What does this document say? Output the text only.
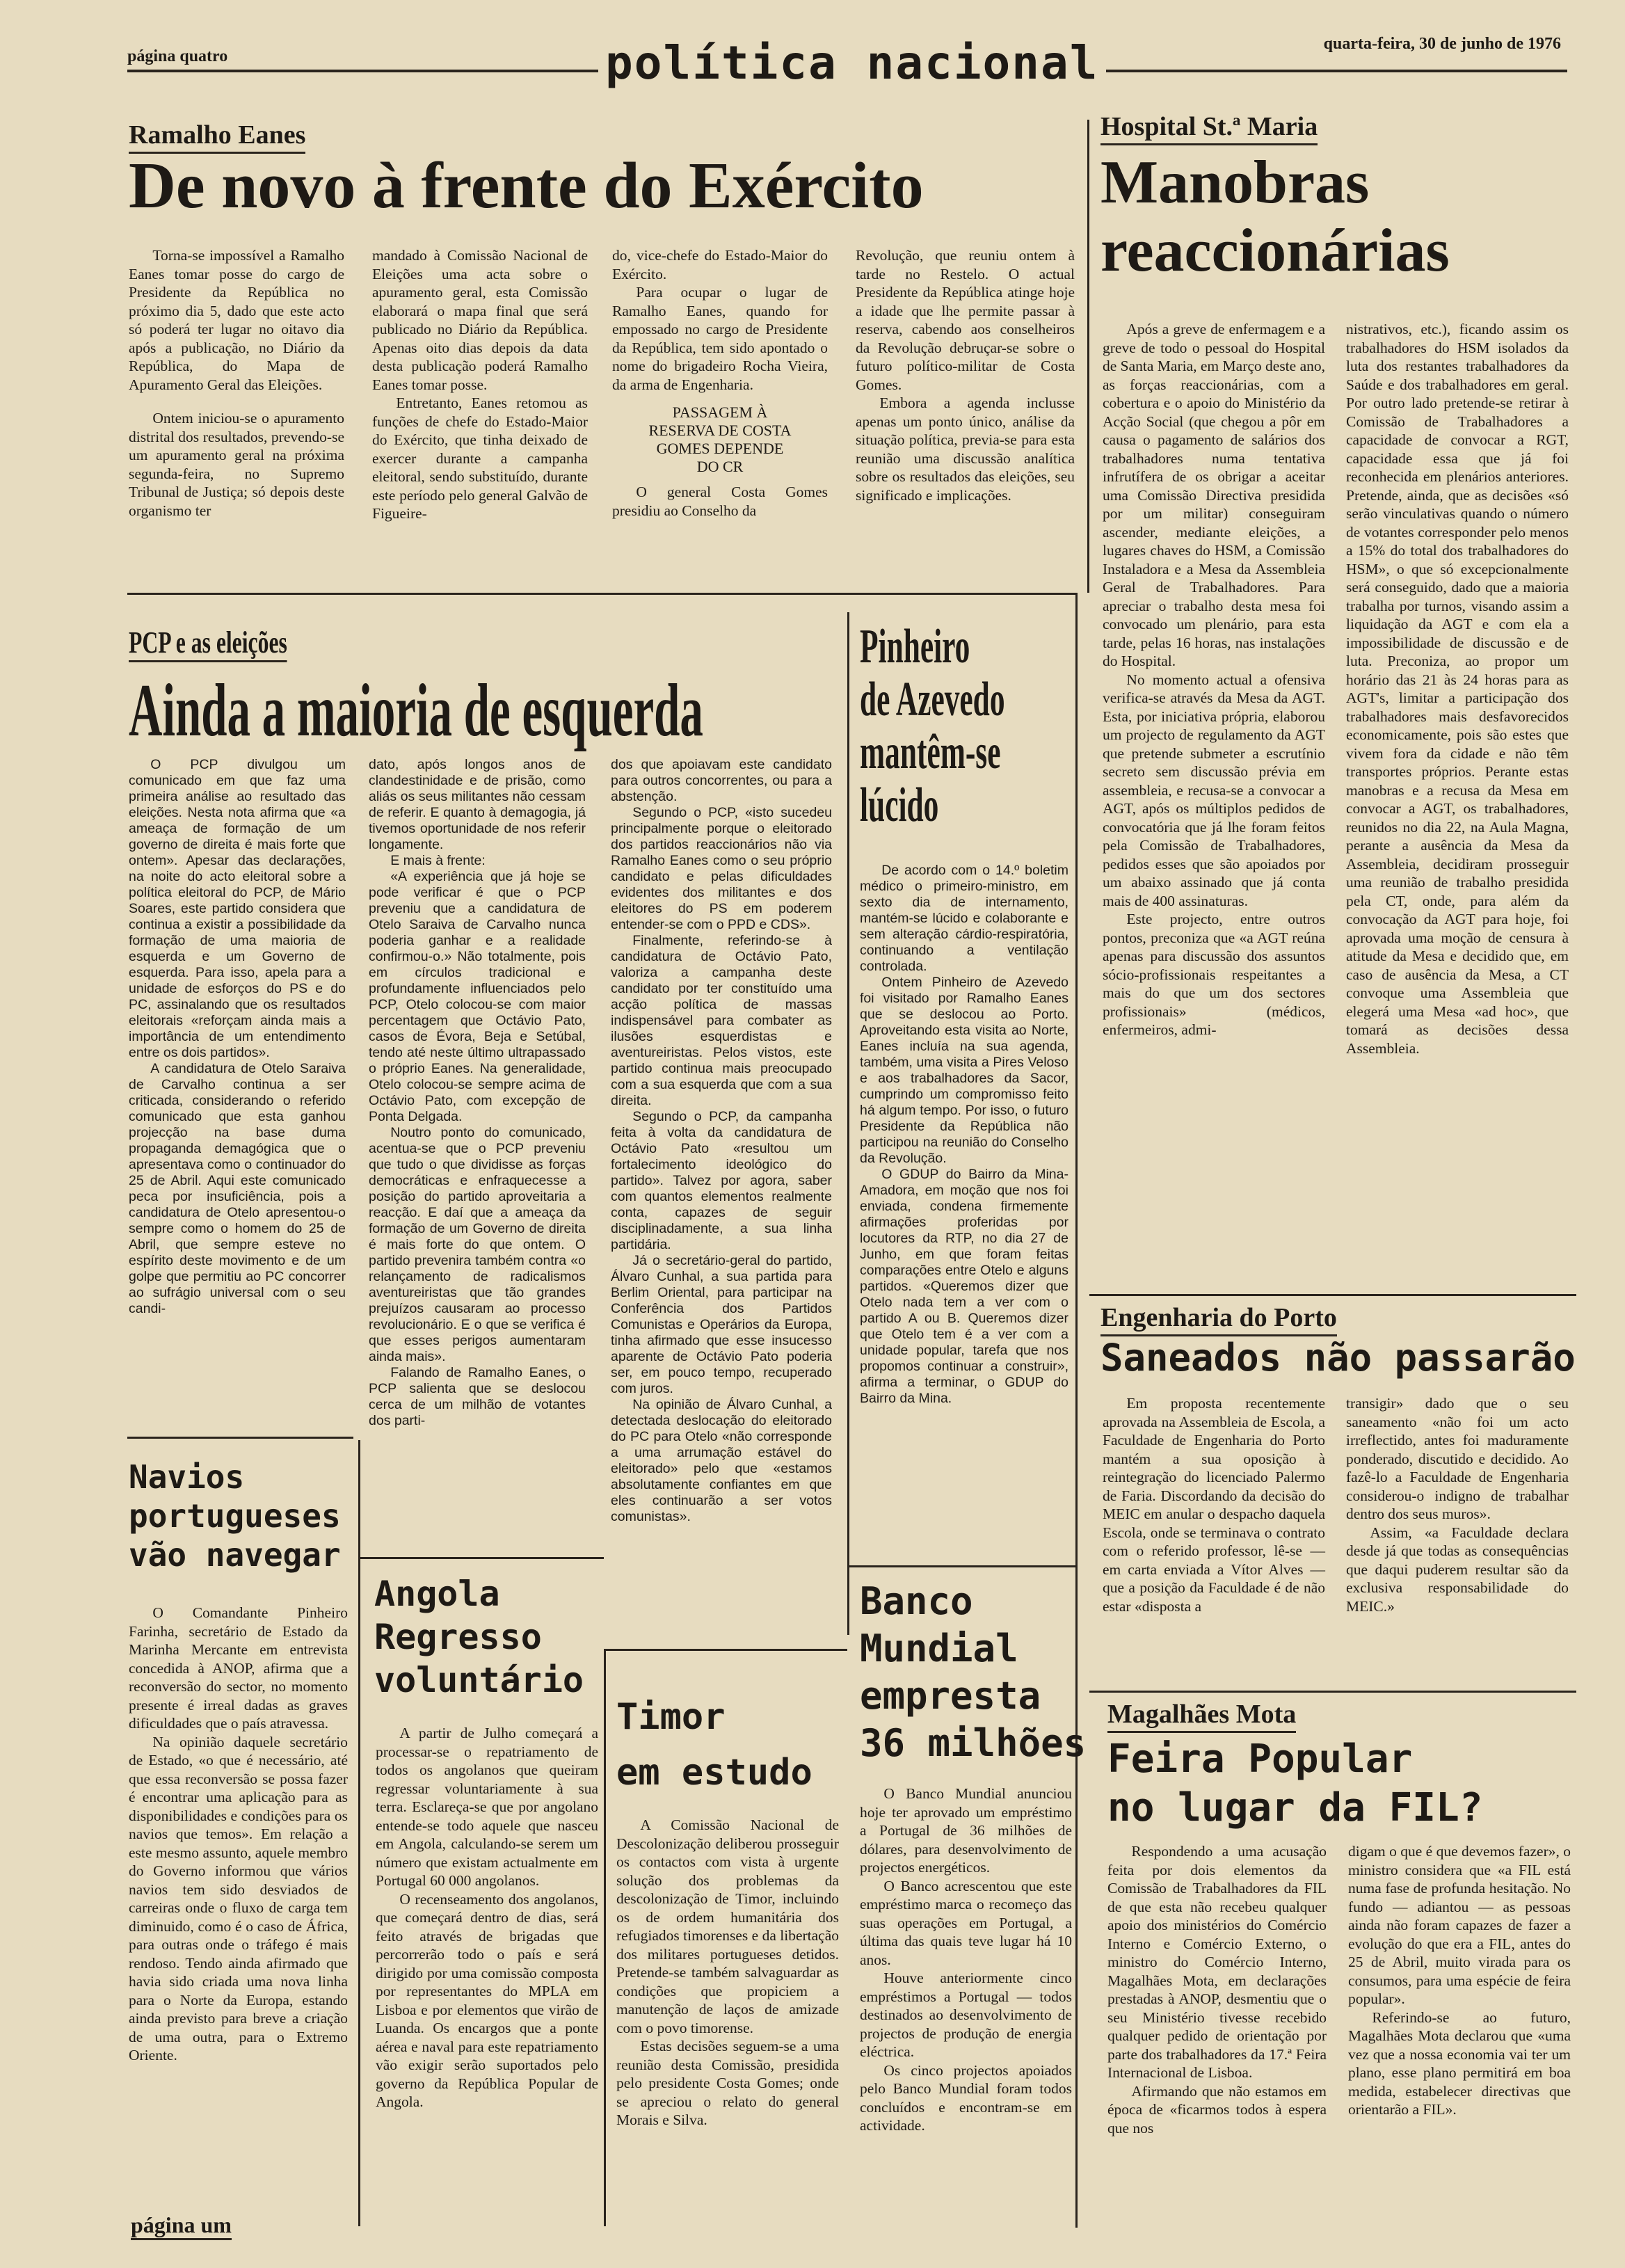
página quatro	política nacional	quarta-feira, 30 de junho de 1976
Ramalho Eanes
De novo à frente do Exército

Torna-se impossível a Ramalho Eanes tomar posse do cargo de Presidente da República no próximo dia 5, dado que este acto só poderá ter lugar no oitavo dia após a publicação, no Diário da República, do Mapa de Apuramento Geral das Eleições.

Ontem iniciou-se o apuramento distrital dos resultados, prevendo-se um apuramento geral na próxima segunda-feira, no Supremo Tribunal de Justiça; só depois deste organismo ter

mandado à Comissão Nacional de Eleições uma acta sobre o apuramento geral, esta Comissão elaborará o mapa final que será publicado no Diário da República. Apenas oito dias depois da data desta publicação poderá Ramalho Eanes tomar posse.

Entretanto, Eanes retomou as funções de chefe do Estado-Maior do Exército, que tinha deixado de exercer durante a campanha eleitoral, sendo substituído, durante este período pelo general Galvão de Figueire-

do, vice-chefe do Estado-Maior do Exército.

Para ocupar o lugar de Ramalho Eanes, quando for empossado no cargo de Presidente da República, tem sido apontado o nome do brigadeiro Rocha Vieira, da arma de Engenharia.

PASSAGEM À RESERVA DE COSTA GOMES DEPENDE DO CR

O general Costa Gomes presidiu ao Conselho da

Revolução, que reuniu ontem à tarde no Restelo. O actual Presidente da República atinge hoje a idade que lhe permite passar à reserva, cabendo aos conselheiros da Revolução debruçar-se sobre o futuro político-militar de Costa Gomes.

Embora a agenda inclusse apenas um ponto único, análise da situação política, previa-se para esta reunião uma discussão analítica sobre os resultados das eleições, seu significado e implicações.

Hospital St.ª Maria
Manobras reaccionárias

Após a greve de enfermagem e a greve de todo o pessoal do Hospital de Santa Maria, em Março deste ano, as forças reaccionárias, com a cobertura e o apoio do Ministério da Acção Social (que chegou a pôr em causa o pagamento de salários dos trabalhadores numa tentativa infrutífera de os obrigar a aceitar uma Comissão Directiva presidida por um militar) conseguiram ascender, mediante eleições, a lugares chaves do HSM, a Comissão Instaladora e a Mesa da Assembleia Geral de Trabalhadores. Para apreciar o trabalho desta mesa foi convocado um plenário, para esta tarde, pelas 16 horas, nas instalações do Hospital.

No momento actual a ofensiva verifica-se através da Mesa da AGT. Esta, por iniciativa própria, elaborou um projecto de regulamento da AGT que pretende submeter a escrutínio secreto sem discussão prévia em assembleia, e recusa-se a convocar a AGT, após os múltiplos pedidos de convocatória que já lhe foram feitos pela Comissão de Trabalhadores, pedidos esses que são apoiados por um abaixo assinado que já conta mais de 400 assinaturas.

Este projecto, entre outros pontos, preconiza que «a AGT reúna apenas para discussão dos assuntos sócio-profissionais respeitantes a mais do que um dos sectores profissionais» (médicos, enfermeiros, admi-

nistrativos, etc.), ficando assim os trabalhadores do HSM isolados da luta dos restantes trabalhadores da Saúde e dos trabalhadores em geral. Por outro lado pretende-se retirar à Comissão de Trabalhadores a capacidade de convocar a RGT, capacidade essa que já foi reconhecida em plenários anteriores. Pretende, ainda, que as decisões «só serão vinculativas quando o número de votantes corresponder pelo menos a 15% do total dos trabalhadores do HSM», o que só excepcionalmente será conseguido, dado que a maioria trabalha por turnos, visando assim a liquidação da AGT e com ela a impossibilidade de discussão e de luta. Preconiza, ao propor um horário das 21 às 24 horas para as AGT's, limitar a participação dos trabalhadores mais desfavorecidos economicamente, pois são estes que vivem fora da cidade e não têm transportes próprios. Perante estas manobras e a recusa da Mesa em convocar a AGT, os trabalhadores, reunidos no dia 22, na Aula Magna, perante a ausência da Mesa da Assembleia, decidiram prosseguir uma reunião de trabalho presidida pela CT, onde, para além da convocação da AGT para hoje, foi aprovada uma moção de censura à atitude da Mesa e decidido que, em caso de ausência da Mesa, a CT convoque uma Assembleia que elegerá uma Mesa «ad hoc», que tomará as decisões dessa Assembleia.

PCP e as eleições
Ainda a maioria de esquerda

O PCP divulgou um comunicado em que faz uma primeira análise ao resultado das eleições. Nesta nota afirma que «a ameaça de formação de um governo de direita é mais forte que ontem». Apesar das declarações, na noite do acto eleitoral sobre a política eleitoral do PCP, de Mário Soares, este partido considera que continua a existir a possibilidade da formação de uma maioria de esquerda e um Governo de esquerda. Para isso, apela para a unidade de esforços do PS e do PC, assinalando que os resultados eleitorais «reforçam ainda mais a importância de um entendimento entre os dois partidos».

A candidatura de Otelo Saraiva de Carvalho continua a ser criticada, considerando o referido comunicado que esta ganhou projecção na base duma propaganda demagógica que o apresentava como o continuador do 25 de Abril. Aqui este comunicado peca por insuficiência, pois a candidatura de Otelo apresentou-o sempre como o homem do 25 de Abril, que sempre esteve no espírito deste movimento e de um golpe que permitiu ao PC concorrer ao sufrágio universal com o seu candi-

dato, após longos anos de clandestinidade e de prisão, como aliás os seus militantes não cessam de referir. E quanto à demagogia, já tivemos oportunidade de nos referir longamente.

E mais à frente:

«A experiência que já hoje se pode verificar é que o PCP preveniu que a candidatura de Otelo Saraiva de Carvalho nunca poderia ganhar e a realidade confirmou-o.» Não totalmente, pois em círculos tradicional e profundamente influenciados pelo PCP, Otelo colocou-se com maior percentagem que Octávio Pato, casos de Évora, Beja e Setúbal, tendo até neste último ultrapassado o próprio Eanes. Na generalidade, Otelo colocou-se sempre acima de Octávio Pato, com excepção de Ponta Delgada.

Noutro ponto do comunicado, acentua-se que o PCP preveniu que tudo o que dividisse as forças democráticas e enfraquecesse a posição do partido aproveitaria a reacção. E daí que a ameaça da formação de um Governo de direita é mais forte do que ontem. O partido prevenira também contra «o relançamento de radicalismos aventureiristas que tão grandes prejuízos causaram ao processo revolucionário. E o que se verifica é que esses perigos aumentaram ainda mais».

Falando de Ramalho Eanes, o PCP salienta que se deslocou cerca de um milhão de votantes dos parti-

dos que apoiavam este candidato para outros concorrentes, ou para a abstenção.

Segundo o PCP, «isto sucedeu principalmente porque o eleitorado dos partidos reaccionários não via Ramalho Eanes como o seu próprio candidato e pelas dificuldades evidentes dos militantes e dos eleitores do PS em poderem entender-se com o PPD e CDS».

Finalmente, referindo-se à candidatura de Octávio Pato, valoriza a campanha deste candidato por ter constituído uma acção política de massas indispensável para combater as ilusões esquerdistas e aventureiristas. Pelos vistos, este partido continua mais preocupado com a sua esquerda que com a sua direita.

Segundo o PCP, da campanha feita à volta da candidatura de Octávio Pato «resultou um fortalecimento ideológico do partido». Talvez por agora, saber com quantos elementos realmente conta, capazes de seguir disciplinadamente, a sua linha partidária.

Já o secretário-geral do partido, Álvaro Cunhal, a sua partida para Berlim Oriental, para participar na Conferência dos Partidos Comunistas e Operários da Europa, tinha afirmado que esse insucesso aparente de Octávio Pato poderia ser, em pouco tempo, recuperado com juros.

Na opinião de Álvaro Cunhal, a detectada deslocação do eleitorado do PC para Otelo «não corresponde a uma arrumação estável do eleitorado» pelo que «estamos absolutamente confiantes em que eles continuarão a ser votos comunistas».

Pinheiro
de Azevedo
mantêm-se
lúcido

De acordo com o 14.º boletim médico o primeiro-ministro, em sexto dia de internamento, mantém-se lúcido e colaborante e sem alteração cárdio-respiratória, continuando a ventilação controlada.

Ontem Pinheiro de Azevedo foi visitado por Ramalho Eanes que se deslocou ao Porto. Aproveitando esta visita ao Norte, Eanes incluía na sua agenda, também, uma visita a Pires Veloso e aos trabalhadores da Sacor, cumprindo um compromisso feito há algum tempo. Por isso, o futuro Presidente da República não participou na reunião do Conselho da Revolução.

O GDUP do Bairro da Mina-Amadora, em moção que nos foi enviada, condena firmemente afirmações proferidas por locutores da RTP, no dia 27 de Junho, em que foram feitas comparações entre Otelo e alguns partidos. «Queremos dizer que Otelo nada tem a ver com o partido A ou B. Queremos dizer que Otelo tem é a ver com a unidade popular, tarefa que nos propomos continuar a construir», afirma a terminar, o GDUP do Bairro da Mina.

Navios
portugueses
vão navegar

O Comandante Pinheiro Farinha, secretário de Estado da Marinha Mercante em entrevista concedida à ANOP, afirma que a reconversão do sector, no momento presente é irreal dadas as graves dificuldades que o país atravessa.

Na opinião daquele secretário de Estado, «o que é necessário, até que essa reconversão se possa fazer é encontrar uma aplicação para as disponibilidades e condições para os navios que temos». Em relação a este mesmo assunto, aquele membro do Governo informou que vários navios tem sido desviados de carreiras onde o fluxo de carga tem diminuido, como é o caso de África, para outras onde o tráfego é mais rendoso. Tendo ainda afirmado que havia sido criada uma nova linha para o Norte da Europa, estando ainda previsto para breve a criação de uma outra, para o Extremo Oriente.

Angola
Regresso
voluntário

A partir de Julho começará a processar-se o repatriamento de todos os angolanos que queiram regressar voluntariamente à sua terra. Esclareça-se que por angolano entende-se todo aquele que nasceu em Angola, calculando-se serem um número que existam actualmente em Portugal 60 000 angolanos.

O recenseamento dos angolanos, que começará dentro de dias, será feito através de brigadas que percorrerão todo o país e será dirigido por uma comissão composta por representantes do MPLA em Lisboa e por elementos que virão de Luanda. Os encargos que a ponte aérea e naval para este repatriamento vão exigir serão suportados pelo governo da República Popular de Angola.

Timor
em estudo

A Comissão Nacional de Descolonização deliberou prosseguir os contactos com vista à urgente solução dos problemas da descolonização de Timor, incluindo os de ordem humanitária dos refugiados timorenses e da libertação dos militares portugueses detidos. Pretende-se também salvaguardar as condições que propiciem a manutenção de laços de amizade com o povo timorense.

Estas decisões seguem-se a uma reunião desta Comissão, presidida pelo presidente Costa Gomes; onde se apreciou o relato do general Morais e Silva.

Banco
Mundial
empresta
36 milhões

O Banco Mundial anunciou hoje ter aprovado um empréstimo a Portugal de 36 milhões de dólares, para desenvolvimento de projectos energéticos.

O Banco acrescentou que este empréstimo marca o recomeço das suas operações em Portugal, a última das quais teve lugar há 10 anos.

Houve anteriormente cinco empréstimos a Portugal — todos destinados ao desenvolvimento de projectos de produção de energia eléctrica.

Os cinco projectos apoiados pelo Banco Mundial foram todos concluídos e encontram-se em actividade.

Engenharia do Porto
Saneados não passarão

Em proposta recentemente aprovada na Assembleia de Escola, a Faculdade de Engenharia do Porto mantém a sua oposição à reintegração do licenciado Palermo de Faria. Discordando da decisão do MEIC em anular o despacho daquela Escola, onde se terminava o contrato com o referido professor, lê-se — em carta enviada a Vítor Alves — que a posição da Faculdade é de não estar «disposta a

transigir» dado que o seu saneamento «não foi um acto irreflectido, antes foi maduramente ponderado, discutido e decidido. Ao fazê-lo a Faculdade de Engenharia considerou-o indigno de trabalhar dentro dos seus muros».

Assim, «a Faculdade declara desde já que todas as consequências que daqui puderem resultar são da exclusiva responsabilidade do MEIC.»

Magalhães Mota
Feira Popular
no lugar da FIL?

Respondendo a uma acusação feita por dois elementos da Comissão de Trabalhadores da FIL de que esta não recebeu qualquer apoio dos ministérios do Comércio Interno e Comércio Externo, o ministro do Comércio Interno, Magalhães Mota, em declarações prestadas à ANOP, desmentiu que o seu Ministério tivesse recebido qualquer pedido de orientação por parte dos trabalhadores da 17.ª Feira Internacional de Lisboa.

Afirmando que não estamos em época de «ficarmos todos à espera que nos

digam o que é que devemos fazer», o ministro considera que «a FIL está numa fase de profunda hesitação. No fundo — adiantou — as pessoas ainda não foram capazes de fazer a evolução do que era a FIL, antes do 25 de Abril, muito virada para os consumos, para uma espécie de feira popular».

Referindo-se ao futuro, Magalhães Mota declarou que «uma vez que a nossa economia vai ter um plano, esse plano permitirá em boa medida, estabelecer directivas que orientarão a FIL».

página um
